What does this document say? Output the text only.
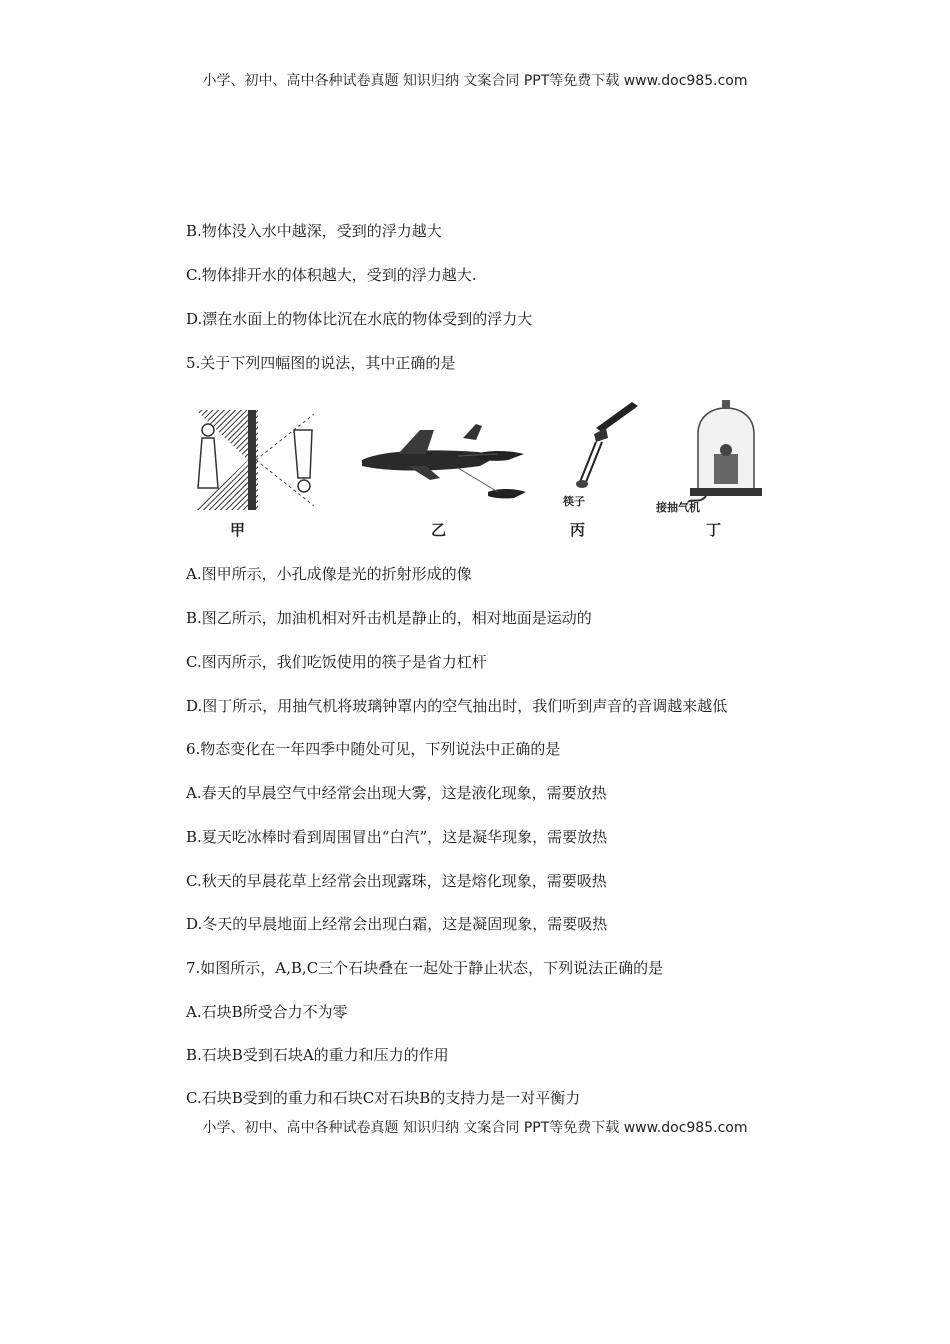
小学、初中、高中各种试卷真题 知识归纳 文案合同 PPT等免费下载 www.doc985.com
B.物体没入水中越深，受到的浮力越大
C.物体排开水的体积越大，受到的浮力越大.
D.漂在水面上的物体比沉在水底的物体受到的浮力大
5.关于下列四幅图的说法，其中正确的是
甲	乙
筷子
丙
接抽气机
丁
A.图甲所示，小孔成像是光的折射形成的像
B.图乙所示，加油机相对歼击机是静止的，相对地面是运动的
C.图丙所示，我们吃饭使用的筷子是省力杠杆
D.图丁所示，用抽气机将玻璃钟罩内的空气抽出时，我们听到声音的音调越来越低
6.物态变化在一年四季中随处可见，下列说法中正确的是
A.春天的早晨空气中经常会出现大雾，这是液化现象，需要放热
B.夏天吃冰棒时看到周围冒出“白汽”，这是凝华现象，需要放热
C.秋天的早晨花草上经常会出现露珠，这是熔化现象，需要吸热
D.冬天的早晨地面上经常会出现白霜，这是凝固现象，需要吸热
7.如图所示，A,B,C三个石块叠在一起处于静止状态，下列说法正确的是
A.石块B所受合力不为零
B.石块B受到石块A的重力和压力的作用
C.石块B受到的重力和石块C对石块B的支持力是一对平衡力
小学、初中、高中各种试卷真题 知识归纳 文案合同 PPT等免费下载 www.doc985.com
